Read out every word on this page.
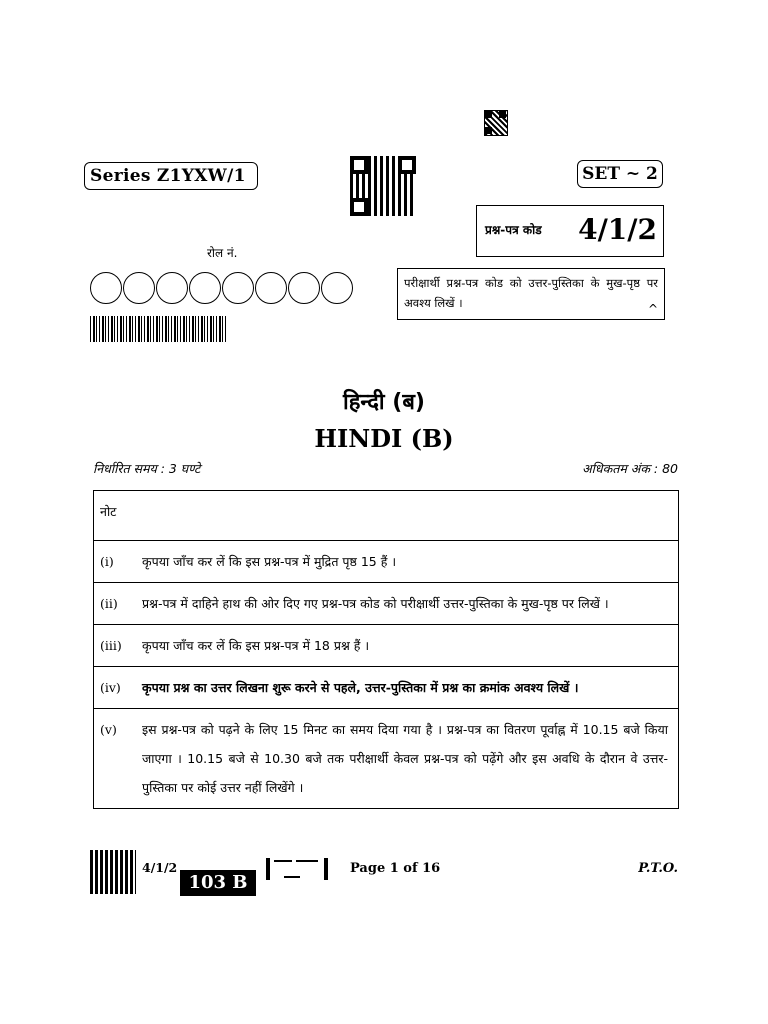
Series Z1YXW/1	SET ~ 2
प्रश्न-पत्र कोड 4/1/2
रोल नं.
परीक्षार्थी प्रश्न-पत्र कोड को उत्तर-पुस्तिका के मुख-पृष्ठ पर अवश्य लिखें ।	^
हिन्दी (ब)
HINDI (B)
निर्धारित समय : 3 घण्टे	अधिकतम अंक : 80
नोट
(i)	कृपया जाँच कर लें कि इस प्रश्न-पत्र में मुद्रित पृष्ठ 15 हैं ।
(ii)	प्रश्न-पत्र में दाहिने हाथ की ओर दिए गए प्रश्न-पत्र कोड को परीक्षार्थी उत्तर-पुस्तिका के मुख-पृष्ठ पर लिखें ।
(iii)	कृपया जाँच कर लें कि इस प्रश्न-पत्र में 18 प्रश्न हैं ।
(iv)	कृपया प्रश्न का उत्तर लिखना शुरू करने से पहले, उत्तर-पुस्तिका में प्रश्न का क्रमांक अवश्य लिखें ।
(v)	इस प्रश्न-पत्र को पढ़ने के लिए 15 मिनट का समय दिया गया है । प्रश्न-पत्र का वितरण पूर्वाह्न में 10.15 बजे किया जाएगा । 10.15 बजे से 10.30 बजे तक परीक्षार्थी केवल प्रश्न-पत्र को पढ़ेंगे और इस अवधि के दौरान वे उत्तर-पुस्तिका पर कोई उत्तर नहीं लिखेंगे ।
4/1/2
103 B
Page 1 of 16	P.T.O.
